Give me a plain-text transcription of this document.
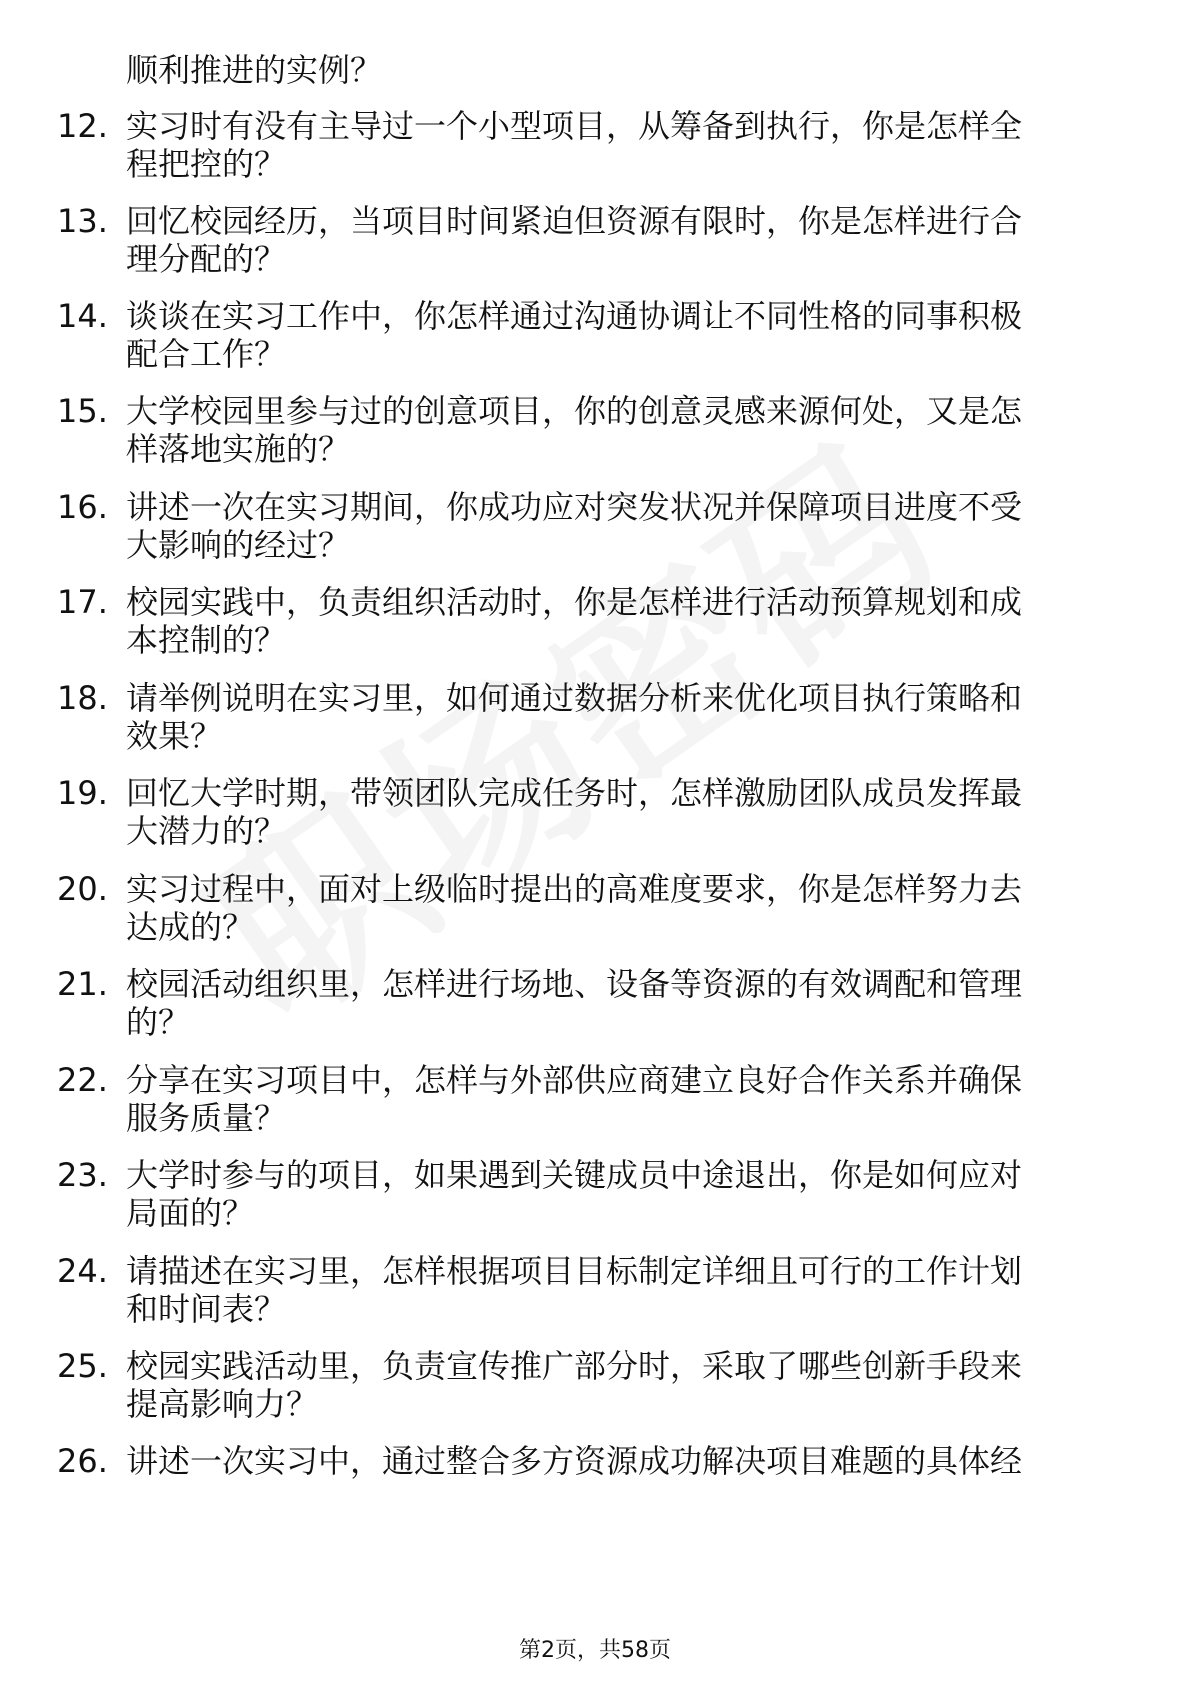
顺利推进的实例？
12. 实习时有没有主导过一个小型项目，从筹备到执行，你是怎样全
程把控的？
13. 回忆校园经历，当项目时间紧迫但资源有限时，你是怎样进行合
理分配的？
14. 谈谈在实习工作中，你怎样通过沟通协调让不同性格的同事积极
配合工作？
15. 大学校园里参与过的创意项目，你的创意灵感来源何处，又是怎
样落地实施的？
16. 讲述一次在实习期间，你成功应对突发状况并保障项目进度不受
大影响的经过？
17. 校园实践中，负责组织活动时，你是怎样进行活动预算规划和成
本控制的？
18. 请举例说明在实习里，如何通过数据分析来优化项目执行策略和
效果？
19. 回忆大学时期，带领团队完成任务时，怎样激励团队成员发挥最
大潜力的？
20. 实习过程中，面对上级临时提出的高难度要求，你是怎样努力去
达成的？
21. 校园活动组织里，怎样进行场地、设备等资源的有效调配和管理
的？
22. 分享在实习项目中，怎样与外部供应商建立良好合作关系并确保
服务质量？
23. 大学时参与的项目，如果遇到关键成员中途退出，你是如何应对
局面的？
24. 请描述在实习里，怎样根据项目目标制定详细且可行的工作计划
和时间表？
25. 校园实践活动里，负责宣传推广部分时，采取了哪些创新手段来
提高影响力？
26. 讲述一次实习中，通过整合多方资源成功解决项目难题的具体经
第2页，共58页
